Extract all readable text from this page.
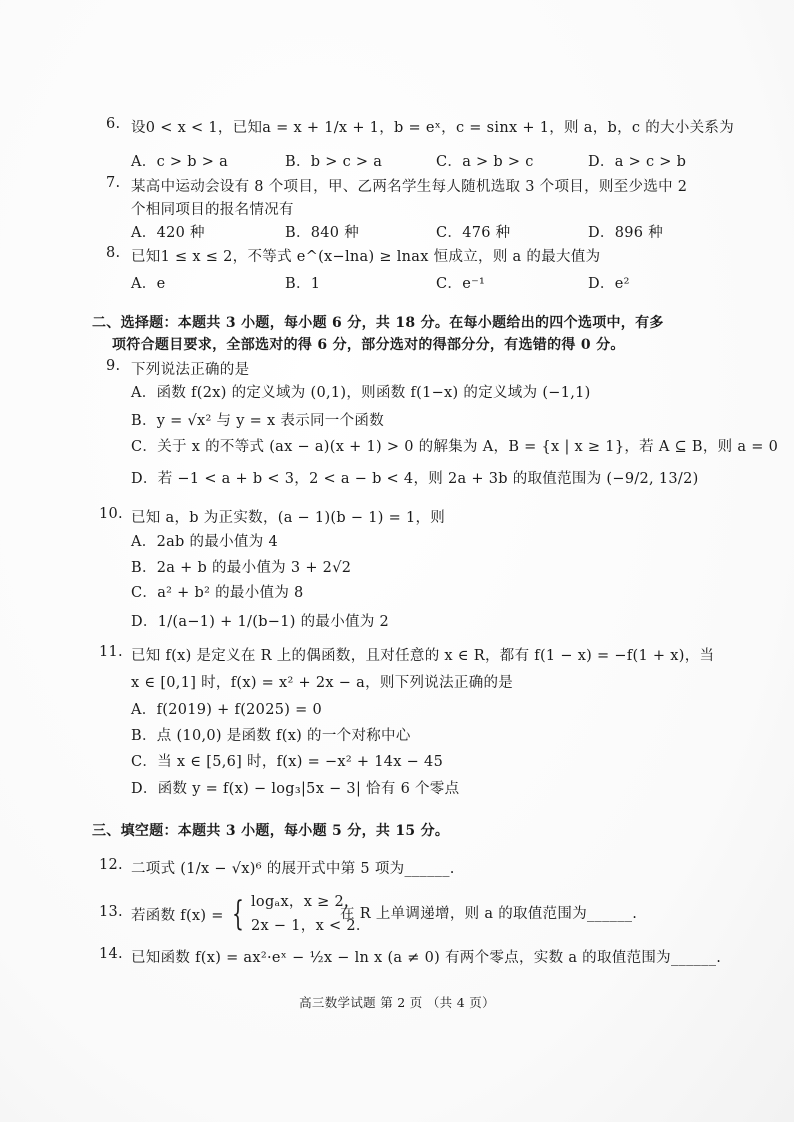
6. 设0 < x < 1，已知a = x + 1/x + 1，b = eˣ，c = sinx + 1，则 a，b，c 的大小关系为
A．c > b > a	B．b > c > a	C．a > b > c	D．a > c > b
7. 某高中运动会设有 8 个项目，甲、乙两名学生每人随机选取 3 个项目，则至少选中 2
个相同项目的报名情况有
A．420 种	B．840 种	C．476 种	D．896 种
8. 已知1 ≤ x ≤ 2，不等式 e^(x−lna) ≥ lnax 恒成立，则 a 的最大值为
A．e	B．1	C．e⁻¹	D．e²
二、选择题：本题共 3 小题，每小题 6 分，共 18 分。在每小题给出的四个选项中，有多
项符合题目要求，全部选对的得 6 分，部分选对的得部分分，有选错的得 0 分。
9. 下列说法正确的是
A．函数 f(2x) 的定义域为 (0,1)，则函数 f(1−x) 的定义域为 (−1,1)
B．y = √x² 与 y = x 表示同一个函数
C．关于 x 的不等式 (ax − a)(x + 1) > 0 的解集为 A，B = {x | x ≥ 1}，若 A ⊆ B，则 a = 0
D．若 −1 < a + b < 3，2 < a − b < 4，则 2a + 3b 的取值范围为 (−9/2, 13/2)
10. 已知 a，b 为正实数，(a − 1)(b − 1) = 1，则
A．2ab 的最小值为 4
B．2a + b 的最小值为 3 + 2√2
C．a² + b² 的最小值为 8
D．1/(a−1) + 1/(b−1) 的最小值为 2
11. 已知 f(x) 是定义在 R 上的偶函数，且对任意的 x ∈ R，都有 f(1 − x) = −f(1 + x)，当
x ∈ [0,1] 时，f(x) = x² + 2x − a，则下列说法正确的是
A．f(2019) + f(2025) = 0
B．点 (10,0) 是函数 f(x) 的一个对称中心
C．当 x ∈ [5,6] 时，f(x) = −x² + 14x − 45
D．函数 y = f(x) − log₃|5x − 3| 恰有 6 个零点
三、填空题：本题共 3 小题，每小题 5 分，共 15 分。
12. 二项式 (1/x − √x)⁶ 的展开式中第 5 项为______.
13. 若函数 f(x) = { logₐx，x ≥ 2，
2x − 1，x < 2．
在 R 上单调递增，则 a 的取值范围为______.
14. 已知函数 f(x) = ax²·eˣ − ½x − ln x (a ≠ 0) 有两个零点，实数 a 的取值范围为______.
高三数学试题 第 2 页 （共 4 页）
